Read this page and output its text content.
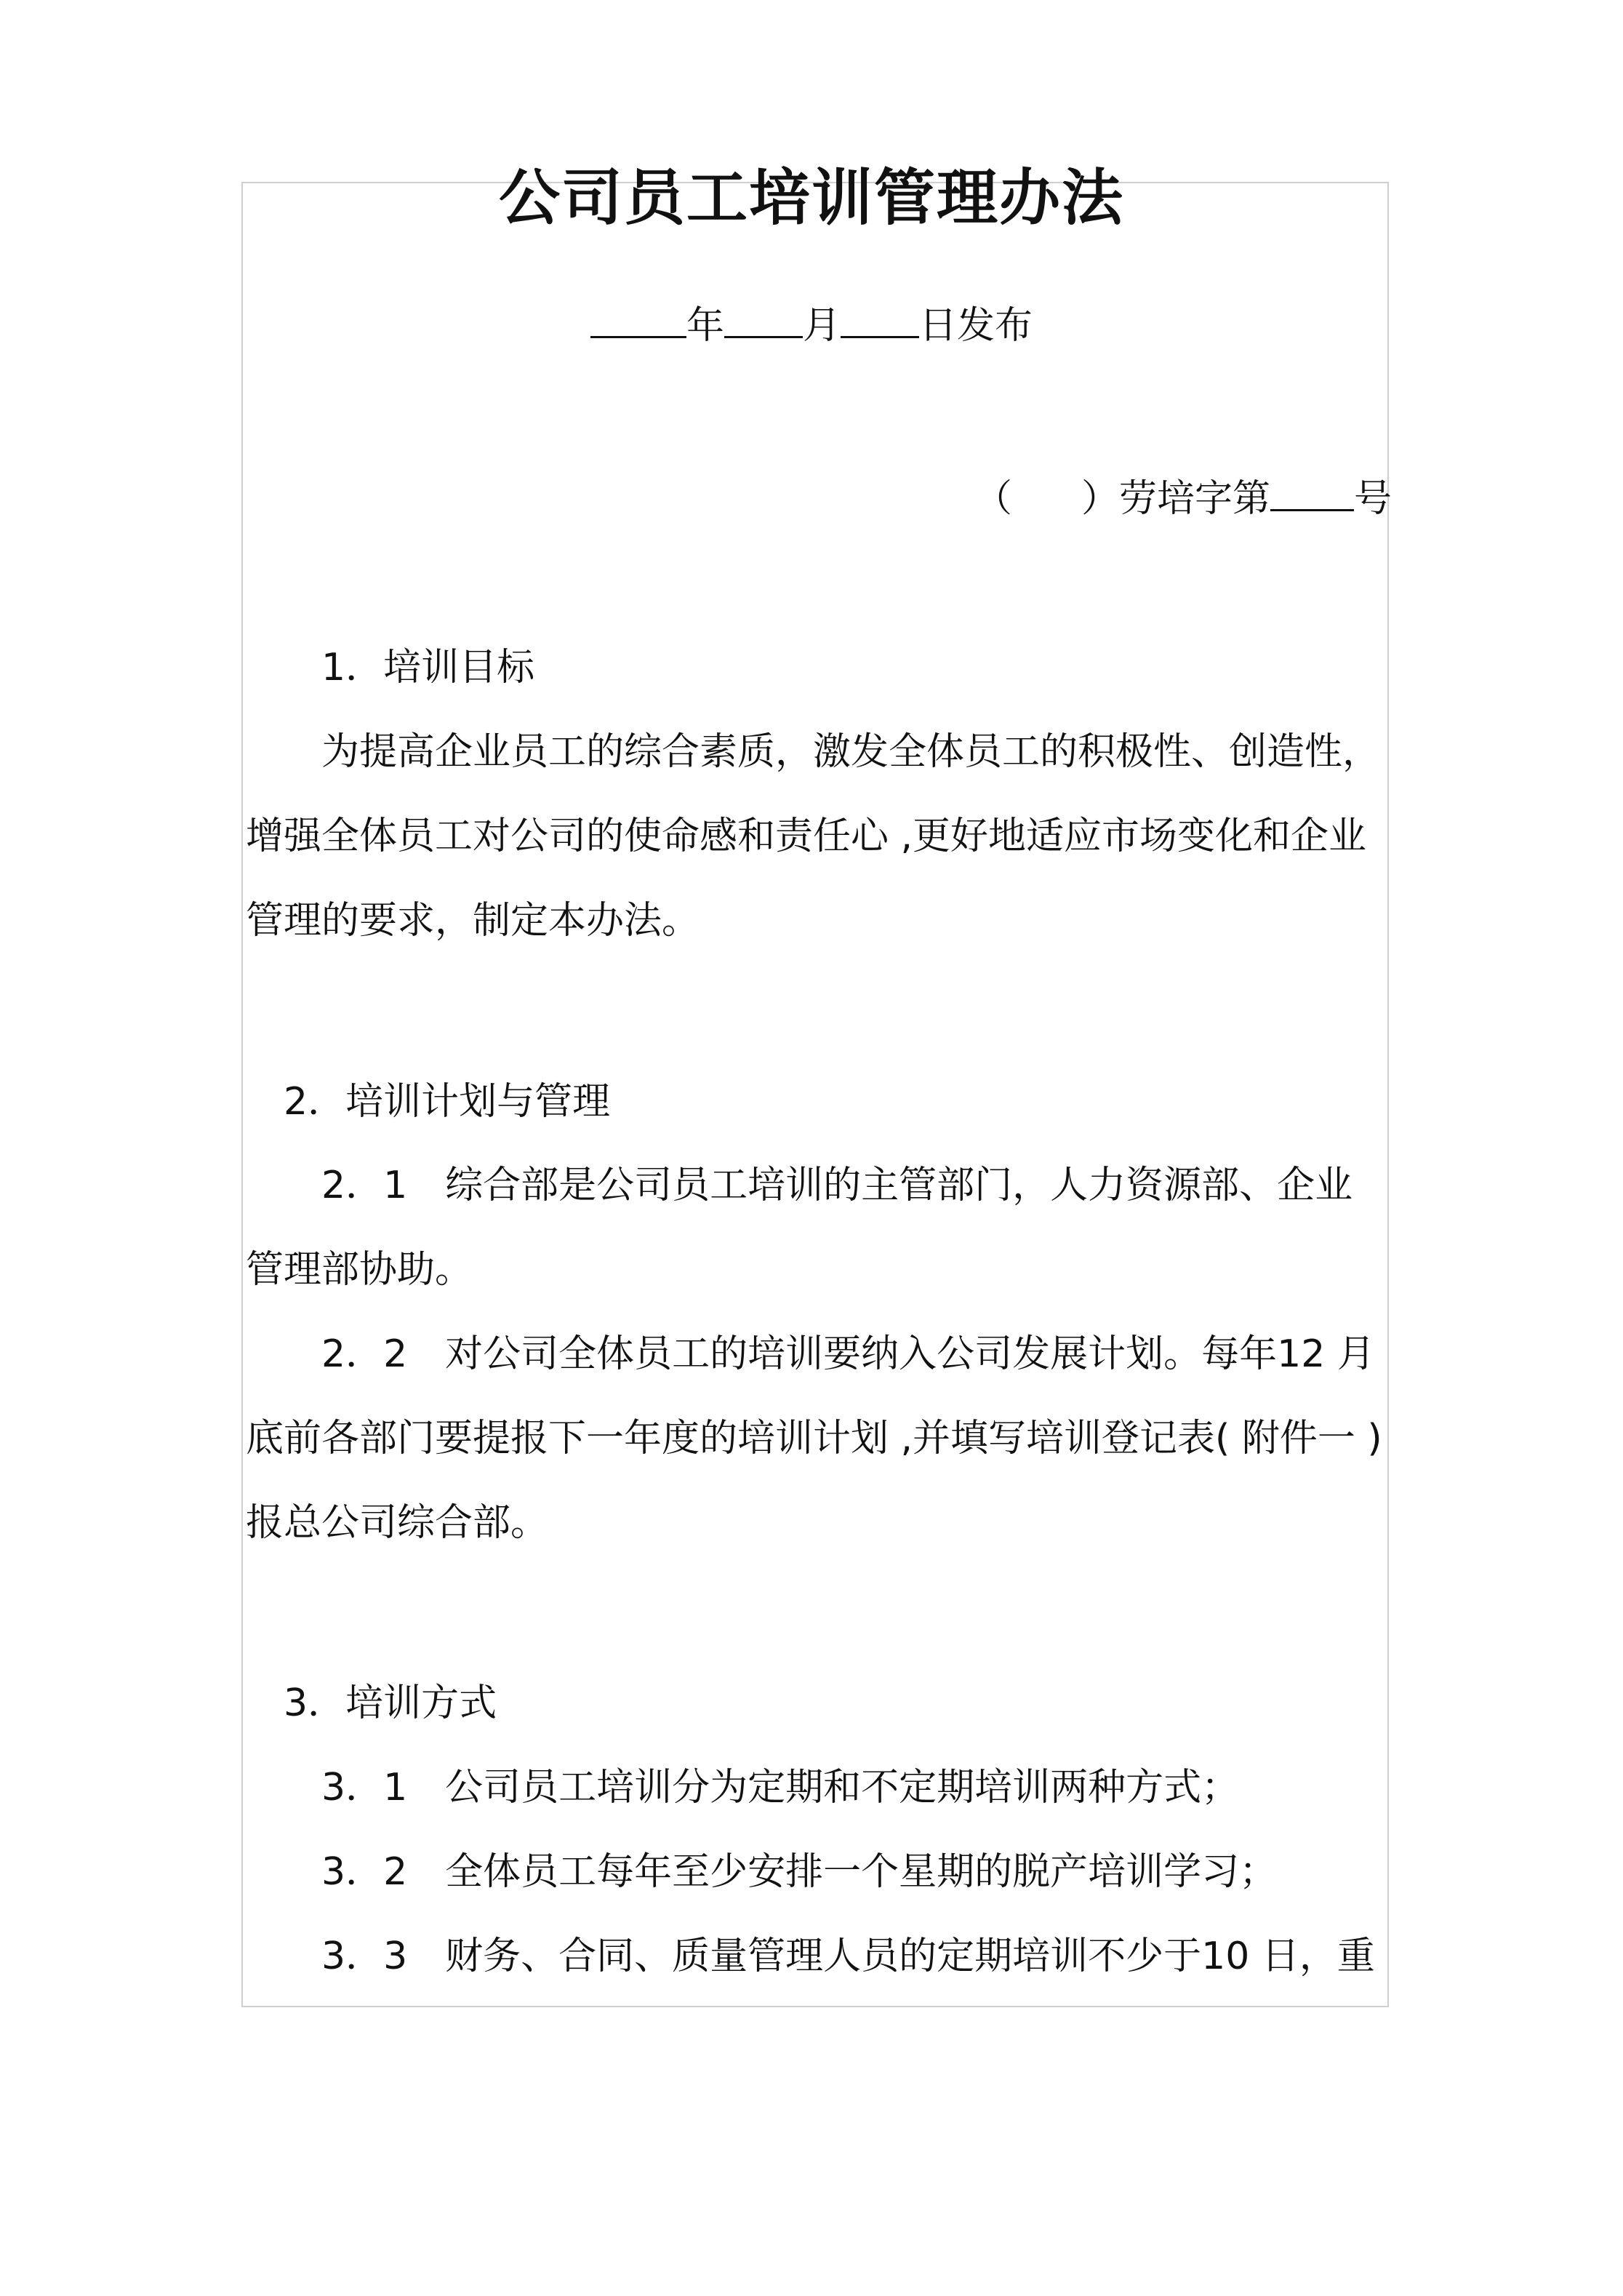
公司员工培训管理办法
年 月 日发布
（ ）劳培字第 号
1．培训目标
为提高企业员工的综合素质，激发全体员工的积极性、创造性，
增强全体员工对公司的使命感和责任心 ,更好地适应市场变化和企业
管理的要求，制定本办法。
2．培训计划与管理
2．1　综合部是公司员工培训的主管部门，人力资源部、企业
管理部协助。
2．2　对公司全体员工的培训要纳入公司发展计划。每年12 月
底前各部门要提报下一年度的培训计划 ,并填写培训登记表( 附件一 )
报总公司综合部。
3．培训方式
3．1　公司员工培训分为定期和不定期培训两种方式；
3．2　全体员工每年至少安排一个星期的脱产培训学习；
3．3　财务、合同、质量管理人员的定期培训不少于10 日，重
